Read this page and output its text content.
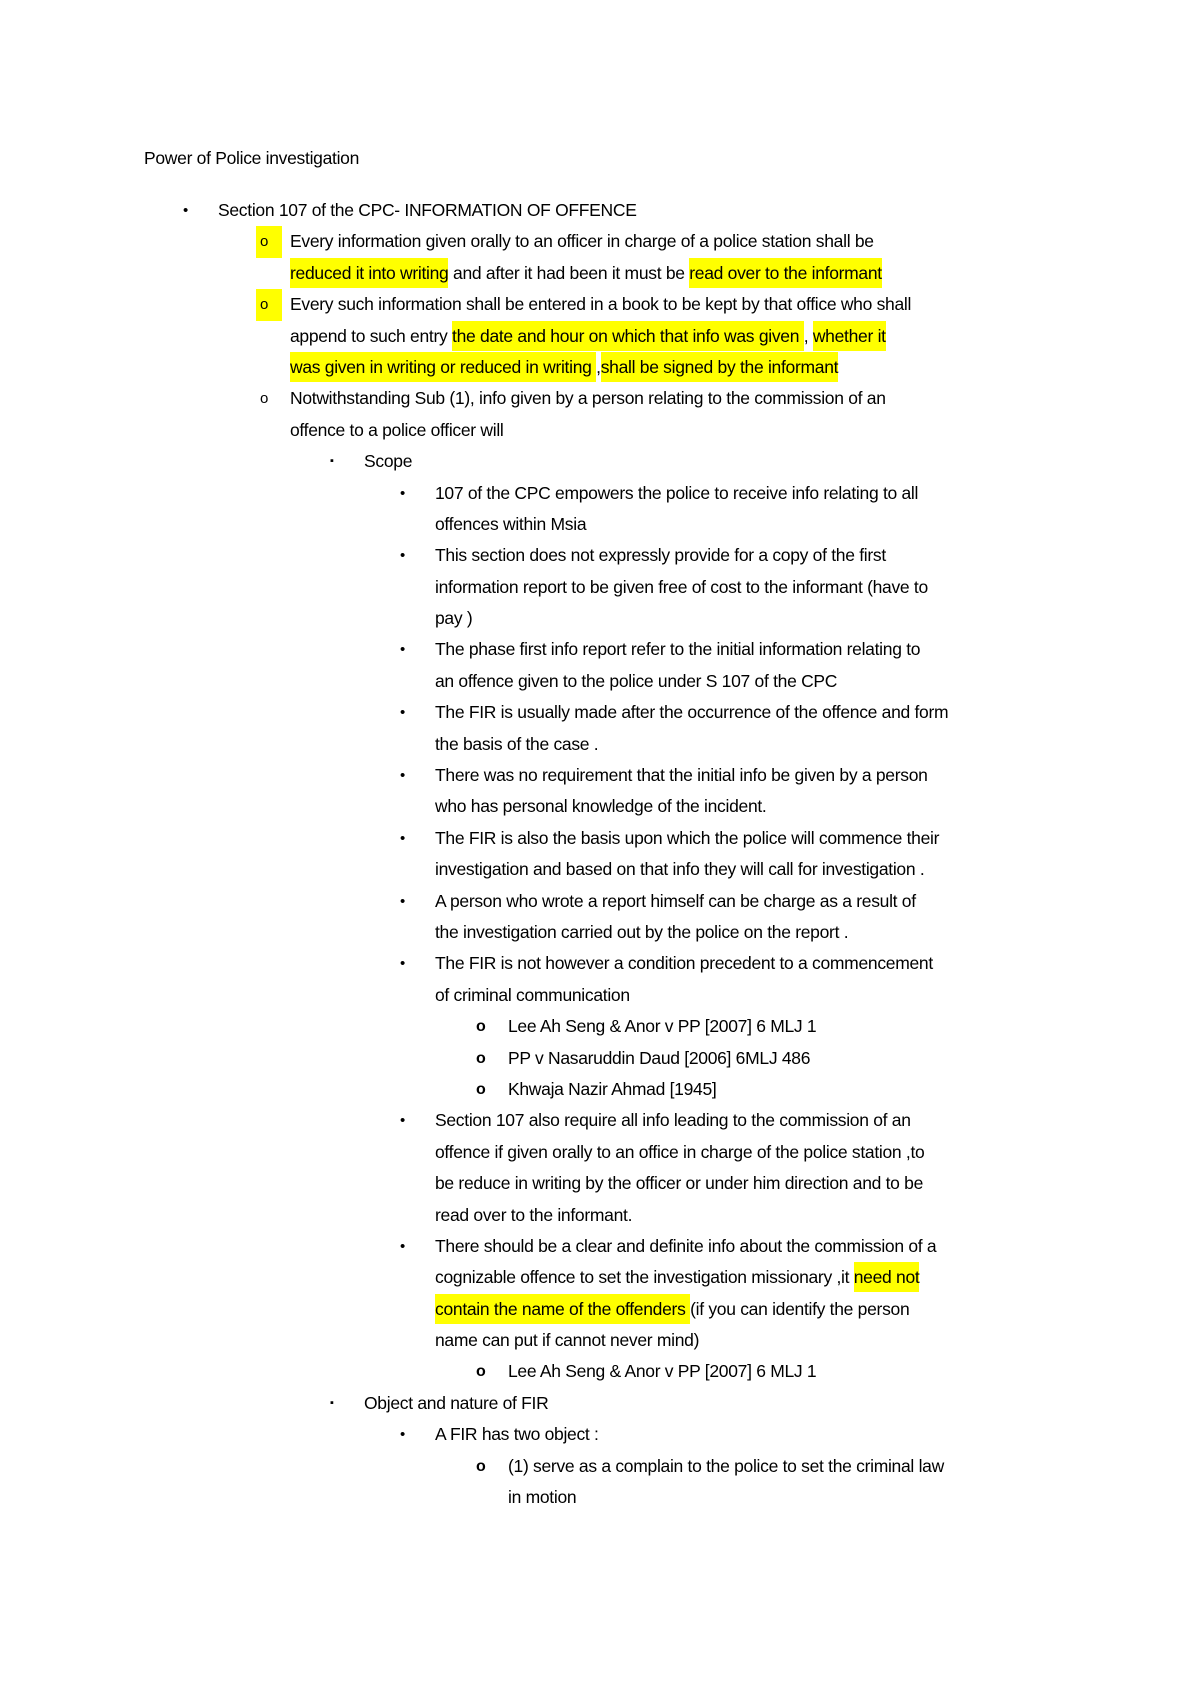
Power of Police investigation
• Section 107 of the CPC- INFORMATION OF OFFENCE
o	Every information given orally to an officer in charge of a police station shall be
reduced it into writing and after it had been it must be read over to the informant
o	Every such information shall be entered in a book to be kept by that office who shall
append to such entry the date and hour on which that info was given , whether it
was given in writing or reduced in writing ,shall be signed by the informant
o Notwithstanding Sub (1), info given by a person relating to the commission of an
offence to a police officer will
▪ Scope
• 107 of the CPC empowers the police to receive info relating to all
offences within Msia
• This section does not expressly provide for a copy of the first
information report to be given free of cost to the informant (have to
pay )
• The phase first info report refer to the initial information relating to
an offence given to the police under S 107 of the CPC
• The FIR is usually made after the occurrence of the offence and form
the basis of the case .
• There was no requirement that the initial info be given by a person
who has personal knowledge of the incident.
• The FIR is also the basis upon which the police will commence their
investigation and based on that info they will call for investigation .
• A person who wrote a report himself can be charge as a result of
the investigation carried out by the police on the report .
• The FIR is not however a condition precedent to a commencement
of criminal communication
o Lee Ah Seng & Anor v PP [2007] 6 MLJ 1
o PP v Nasaruddin Daud [2006] 6MLJ 486
o Khwaja Nazir Ahmad [1945]
• Section 107 also require all info leading to the commission of an
offence if given orally to an office in charge of the police station ,to
be reduce in writing by the officer or under him direction and to be
read over to the informant.
• There should be a clear and definite info about the commission of a
cognizable offence to set the investigation missionary ,it need not
contain the name of the offenders (if you can identify the person
name can put if cannot never mind)
o Lee Ah Seng & Anor v PP [2007] 6 MLJ 1
▪ Object and nature of FIR
• A FIR has two object :
o (1) serve as a complain to the police to set the criminal law
in motion
